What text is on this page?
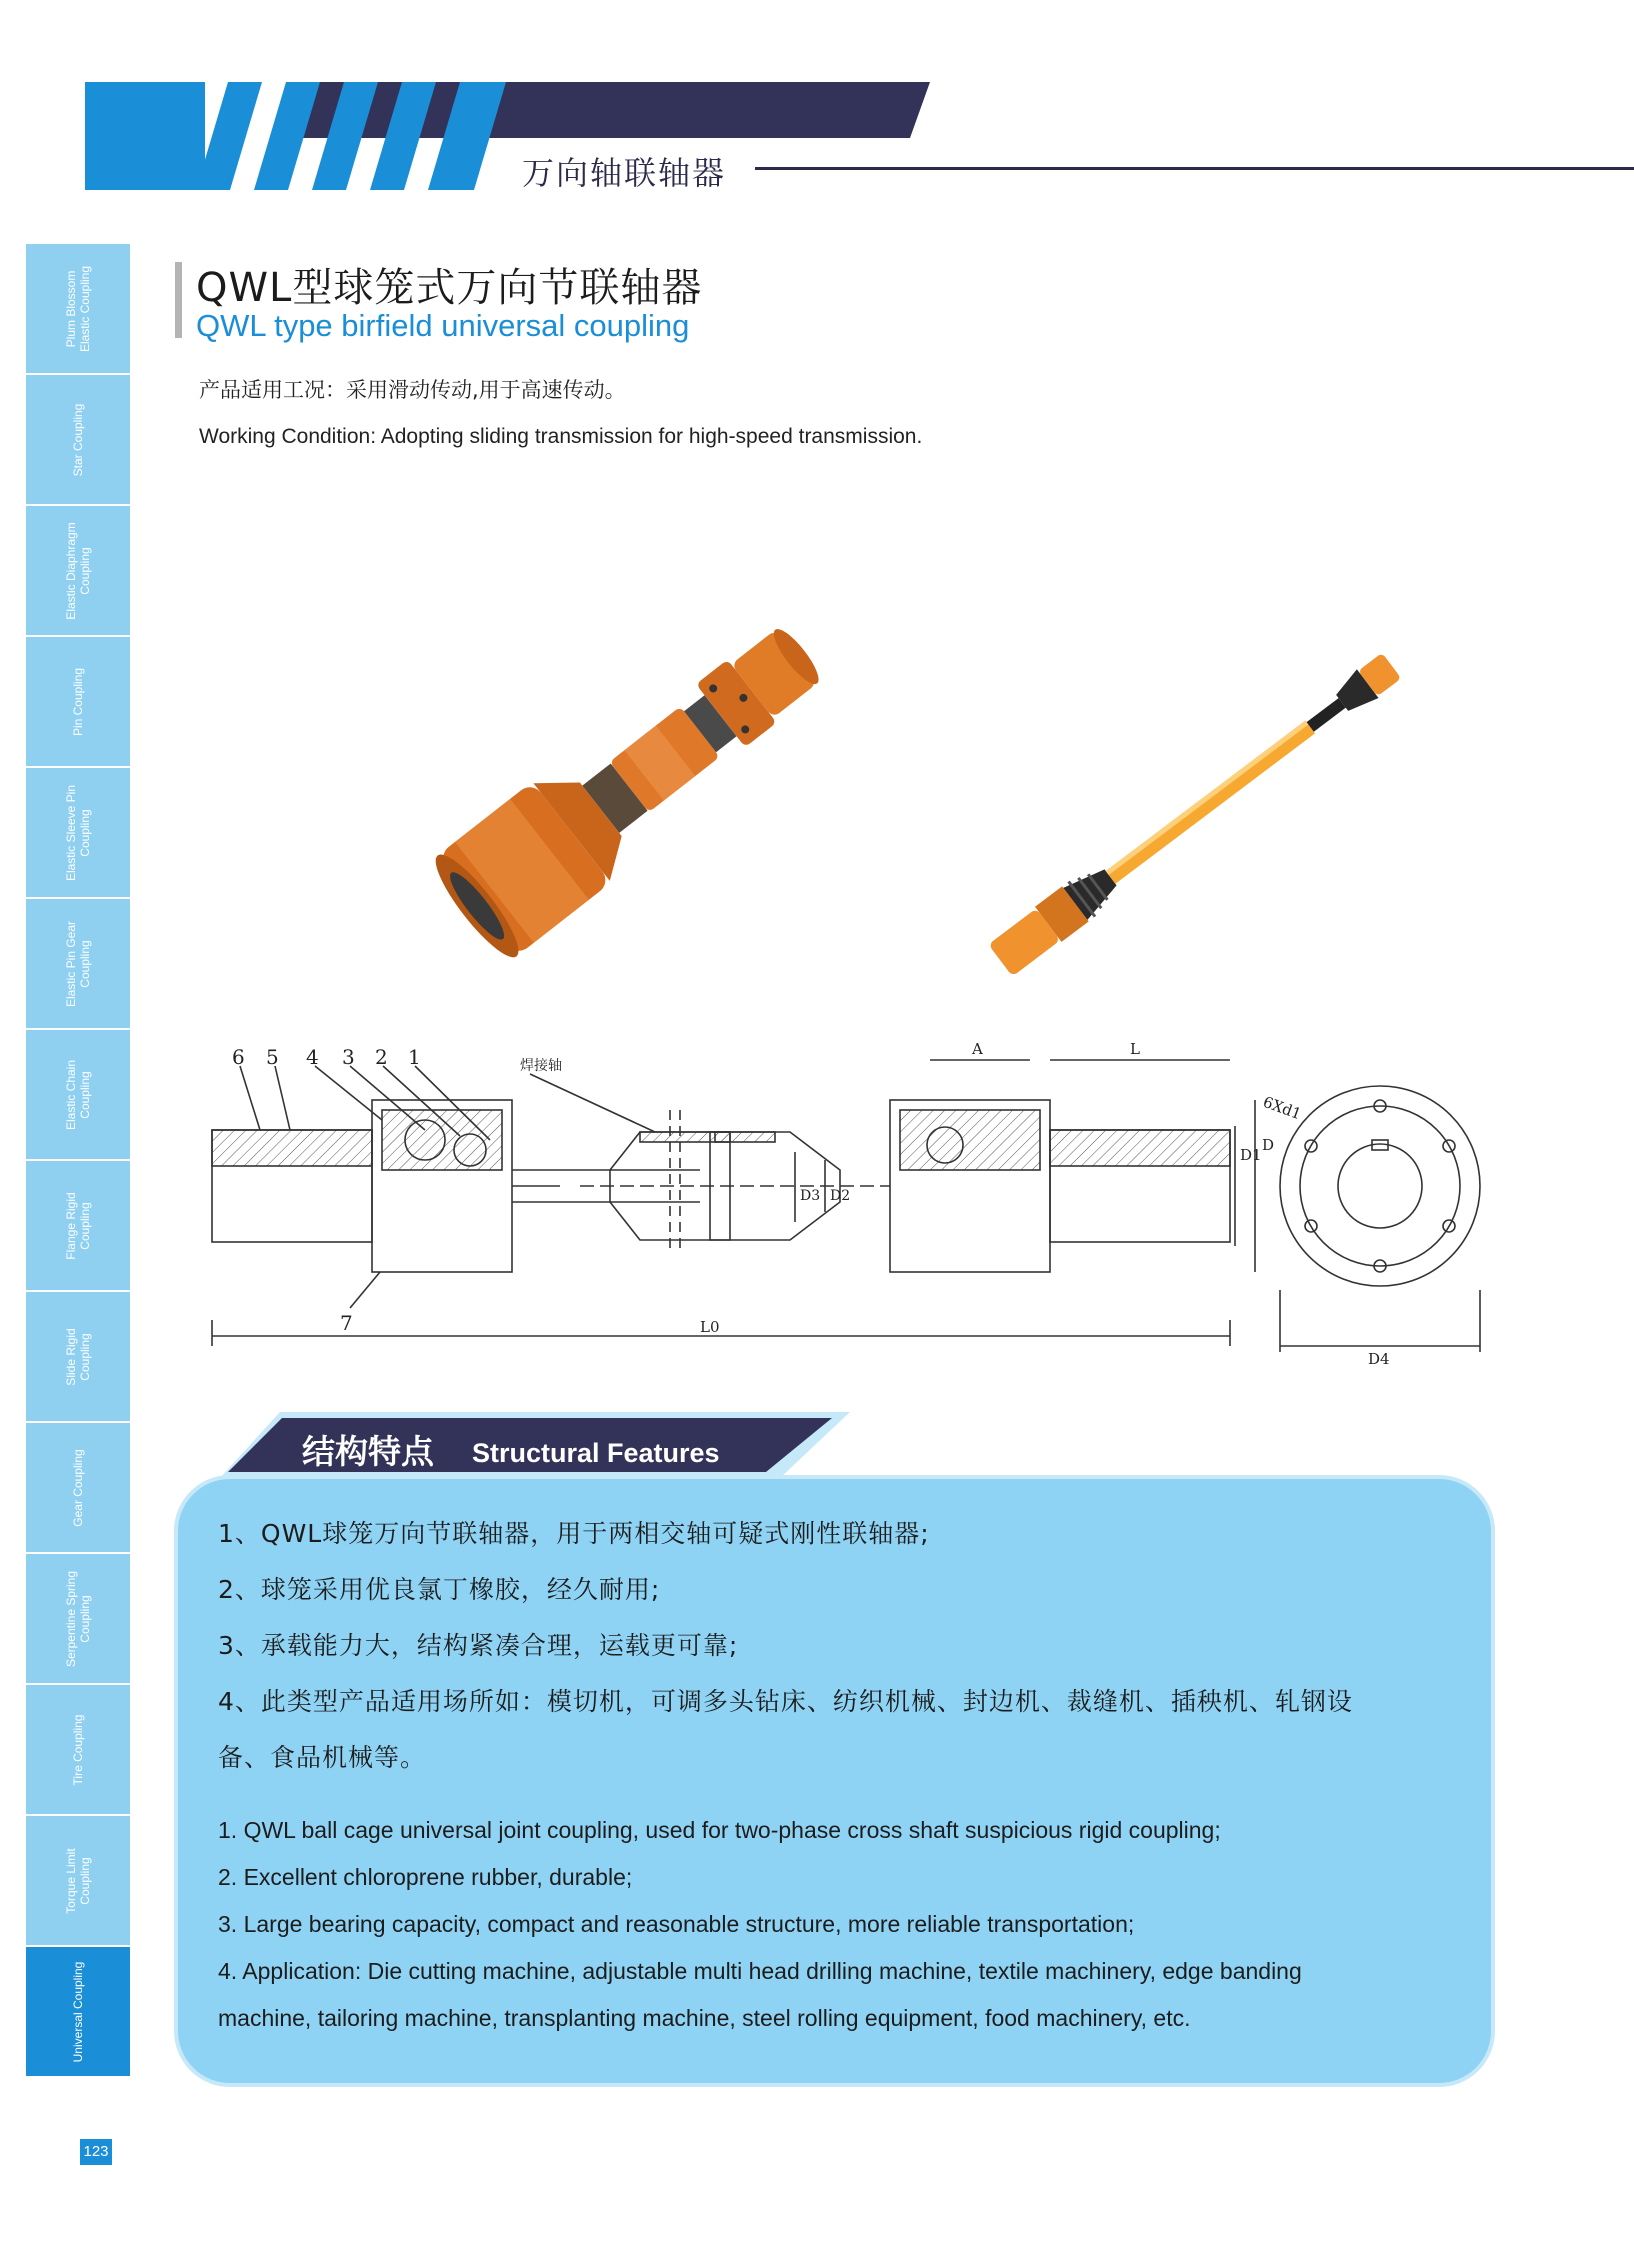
万向轴联轴器
Plum Blossom Elastic Coupling
Star Coupling
Elastic Diaphragm Coupling
Pin Coupling
Elastic Sleeve Pin Coupling
Elastic Pin Gear Coupling
Elastic Chain Coupling
Flange Rigid Coupling
Slide Rigid Coupling
Gear Coupling
Serpentine Spring Coupling
Tire Coupling
Torque Limit Coupling
Universal Coupling
123
QWL型球笼式万向节联轴器
QWL type birfield universal coupling
产品适用工况：采用滑动传动,用于高速传动。
Working Condition: Adopting sliding transmission for high-speed transmission.
6 5 4 3 2 1
7
焊接轴
A	L
L0
D4
D
D1
D3 D2
6Xd1
结构特点 Structural Features
1、QWL球笼万向节联轴器，用于两相交轴可疑式刚性联轴器;
2、球笼采用优良氯丁橡胶，经久耐用;
3、承载能力大，结构紧凑合理，运载更可靠;
4、此类型产品适用场所如：模切机，可调多头钻床、纺织机械、封边机、裁缝机、插秧机、轧钢设
备、食品机械等。
1. QWL ball cage universal joint coupling, used for two-phase cross shaft suspicious rigid coupling;
2. Excellent chloroprene rubber, durable;
3. Large bearing capacity, compact and reasonable structure, more reliable transportation;
4. Application: Die cutting machine, adjustable multi head drilling machine, textile machinery, edge banding
machine, tailoring machine, transplanting machine, steel rolling equipment, food machinery, etc.
